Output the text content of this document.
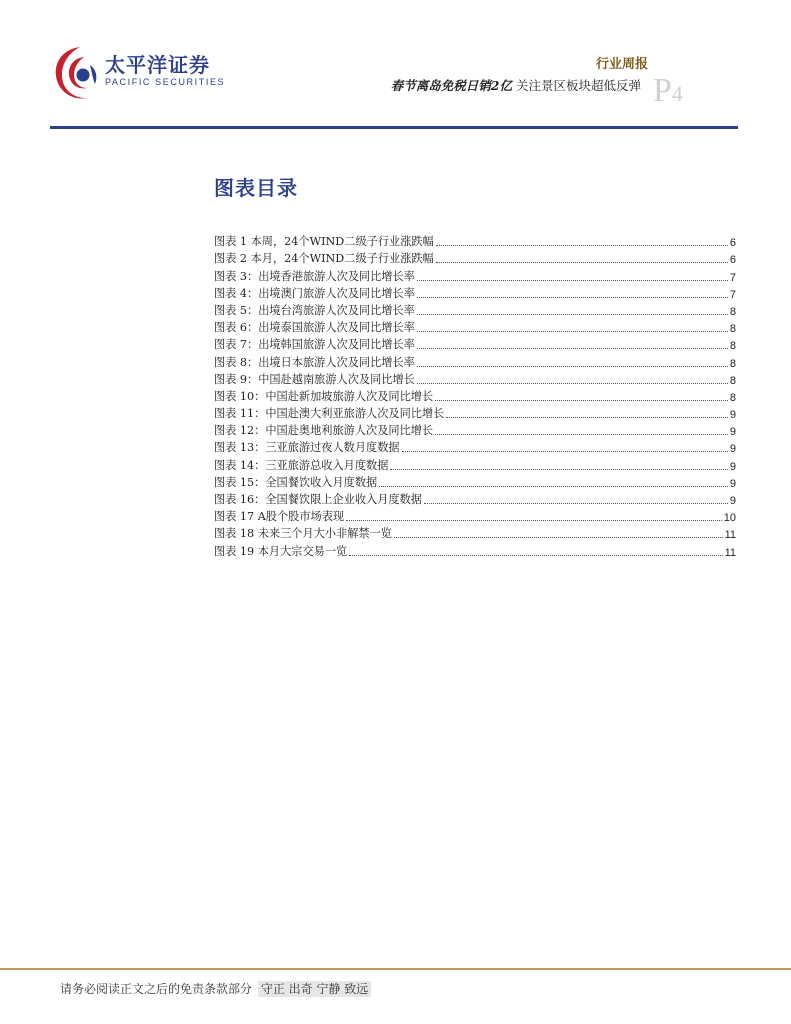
太平洋证券
PACIFIC SECURITIES
行业周报
春节离岛免税日销2亿 关注景区板块超低反弹 P4
图表目录
图表 1 本周，24个WIND二级子行业涨跌幅	6
图表 2 本月，24个WIND二级子行业涨跌幅	6
图表 3：出境香港旅游人次及同比增长率	7
图表 4：出境澳门旅游人次及同比增长率	7
图表 5：出境台湾旅游人次及同比增长率	8
图表 6：出境泰国旅游人次及同比增长率	8
图表 7：出境韩国旅游人次及同比增长率	8
图表 8：出境日本旅游人次及同比增长率	8
图表 9：中国赴越南旅游人次及同比增长	8
图表 10：中国赴新加坡旅游人次及同比增长	8
图表 11：中国赴澳大利亚旅游人次及同比增长	9
图表 12：中国赴奥地利旅游人次及同比增长	9
图表 13：三亚旅游过夜人数月度数据	9
图表 14：三亚旅游总收入月度数据	9
图表 15：全国餐饮收入月度数据	9
图表 16：全国餐饮限上企业收入月度数据	9
图表 17 A股个股市场表现	10
图表 18 未来三个月大小非解禁一览	11
图表 19 本月大宗交易一览	11
请务必阅读正文之后的免责条款部分 守正 出奇 宁静 致远
